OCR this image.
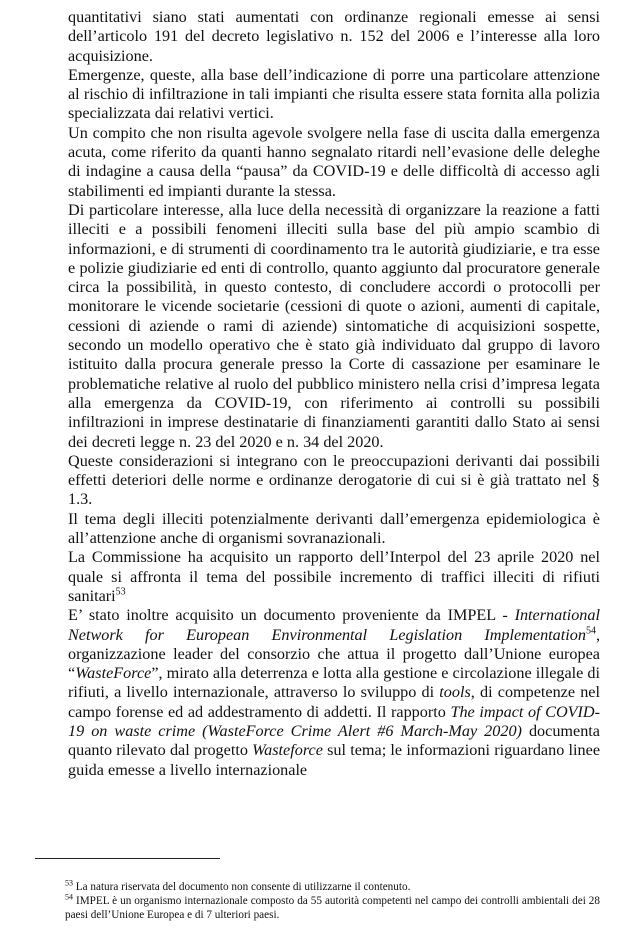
quantitativi siano stati aumentati con ordinanze regionali emesse ai sensi dell’articolo 191 del decreto legislativo n. 152 del 2006 e l’interesse alla loro acquisizione.

Emergenze, queste, alla base dell’indicazione di porre una particolare attenzione al rischio di infiltrazione in tali impianti che risulta essere stata fornita alla polizia specializzata dai relativi vertici.

Un compito che non risulta agevole svolgere nella fase di uscita dalla emergenza acuta, come riferito da quanti hanno segnalato ritardi nell’evasione delle deleghe di indagine a causa della “pausa” da COVID-19 e delle difficoltà di accesso agli stabilimenti ed impianti durante la stessa.

Di particolare interesse, alla luce della necessità di organizzare la reazione a fatti illeciti e a possibili fenomeni illeciti sulla base del più ampio scambio di informazioni, e di strumenti di coordinamento tra le autorità giudiziarie, e tra esse e polizie giudiziarie ed enti di controllo, quanto aggiunto dal procuratore generale circa la possibilità, in questo contesto, di concludere accordi o protocolli per monitorare le vicende societarie (cessioni di quote o azioni, aumenti di capitale, cessioni di aziende o rami di aziende) sintomatiche di acquisizioni sospette, secondo un modello operativo che è stato già individuato dal gruppo di lavoro istituito dalla procura generale presso la Corte di cassazione per esaminare le problematiche relative al ruolo del pubblico ministero nella crisi d’impresa legata alla emergenza da COVID-19, con riferimento ai controlli su possibili infiltrazioni in imprese destinatarie di finanziamenti garantiti dallo Stato ai sensi dei decreti legge n. 23 del 2020 e n. 34 del 2020.

Queste considerazioni si integrano con le preoccupazioni derivanti dai possibili effetti deteriori delle norme e ordinanze derogatorie di cui si è già trattato nel § 1.3.

Il tema degli illeciti potenzialmente derivanti dall’emergenza epidemiologica è all’attenzione anche di organismi sovranazionali.

La Commissione ha acquisito un rapporto dell’Interpol del 23 aprile 2020 nel quale si affronta il tema del possibile incremento di traffici illeciti di rifiuti sanitari$^{53}$

E’ stato inoltre acquisito un documento proveniente da IMPEL - International Network for European Environmental Legislation Implementation$^{54}$, organizzazione leader del consorzio che attua il progetto dall’Unione europea “WasteForce”, mirato alla deterrenza e lotta alla gestione e circolazione illegale di rifiuti, a livello internazionale, attraverso lo sviluppo di tools, di competenze nel campo forense ed ad addestramento di addetti. Il rapporto The impact of COVID-19 on waste crime (WasteForce Crime Alert #6 March-May 2020) documenta quanto rilevato dal progetto Wasteforce sul tema; le informazioni riguardano linee guida emesse a livello internazionale

$^{53}$ La natura riservata del documento non consente di utilizzarne il contenuto.

$^{54}$ IMPEL è un organismo internazionale composto da 55 autorità competenti nel campo dei controlli ambientali dei 28 paesi dell’Unione Europea e di 7 ulteriori paesi.
